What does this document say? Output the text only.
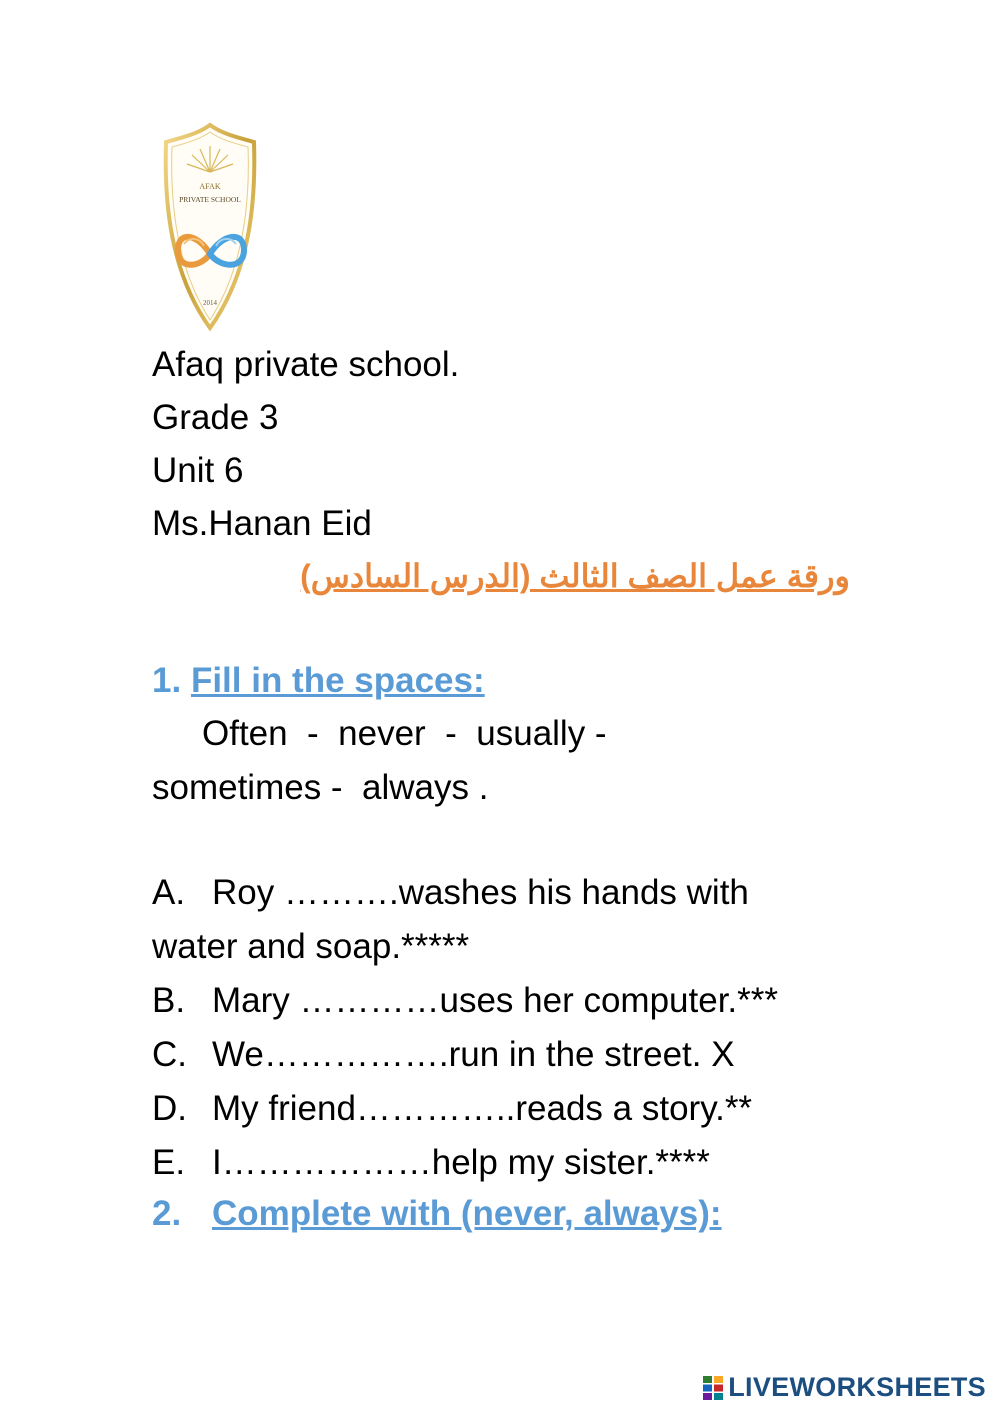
AFAK
PRIVATE SCHOOL
2014
Afaq private school.
Grade 3
Unit 6
Ms.Hanan Eid
ورقة عمل الصف الثالث (الدرس السادس)
1. Fill in the spaces:
Often  -  never  -  usually -
sometimes -  always .
A. Roy ……….washes his hands with
water and soap.*****
B. Mary …………uses her computer.***
C. We…………….run in the street. X
D. My friend…………..reads a story.**
E. I………………help my sister.****
2. Complete with (never, always):
LIVEWORKSHEETS
